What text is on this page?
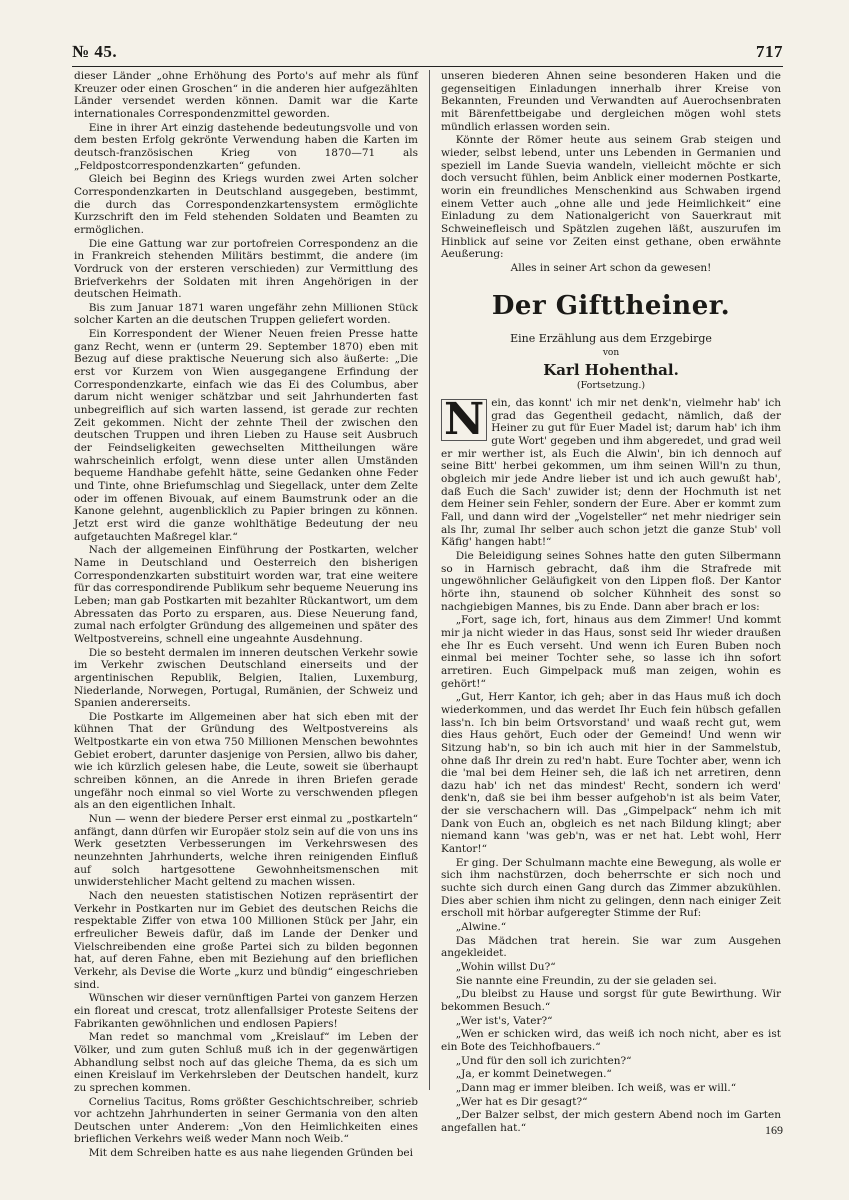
№ 45.	717

dieser Länder „ohne Erhöhung des Porto's auf mehr als fünf Kreuzer oder einen Groschen“ in die anderen hier aufgezählten Länder versendet werden können. Damit war die Karte internationales Correspondenzmittel geworden.

Eine in ihrer Art einzig dastehende bedeutungsvolle und von dem besten Erfolg gekrönte Verwendung haben die Karten im deutsch-französischen Krieg von 1870—71 als „Feldpostcorrespondenzkarten“ gefunden.

Gleich bei Beginn des Kriegs wurden zwei Arten solcher Correspondenzkarten in Deutschland ausgegeben, bestimmt, die durch das Correspondenzkartensystem ermöglichte Kurzschrift den im Feld stehenden Soldaten und Beamten zu ermöglichen.

Die eine Gattung war zur portofreien Correspondenz an die in Frankreich stehenden Militärs bestimmt, die andere (im Vordruck von der ersteren verschieden) zur Vermittlung des Briefverkehrs der Soldaten mit ihren Angehörigen in der deutschen Heimath.

Bis zum Januar 1871 waren ungefähr zehn Millionen Stück solcher Karten an die deutschen Truppen geliefert worden.

Ein Korrespondent der Wiener Neuen freien Presse hatte ganz Recht, wenn er (unterm 29. September 1870) eben mit Bezug auf diese praktische Neuerung sich also äußerte: „Die erst vor Kurzem von Wien ausgegangene Erfindung der Correspondenzkarte, einfach wie das Ei des Columbus, aber darum nicht weniger schätzbar und seit Jahrhunderten fast unbegreiflich auf sich warten lassend, ist gerade zur rechten Zeit gekommen. Nicht der zehnte Theil der zwischen den deutschen Truppen und ihren Lieben zu Hause seit Ausbruch der Feindseligkeiten gewechselten Mittheilungen wäre wahrscheinlich erfolgt, wenn diese unter allen Umständen bequeme Handhabe gefehlt hätte, seine Gedanken ohne Feder und Tinte, ohne Briefumschlag und Siegellack, unter dem Zelte oder im offenen Bivouak, auf einem Baumstrunk oder an die Kanone gelehnt, augenblicklich zu Papier bringen zu können. Jetzt erst wird die ganze wohlthätige Bedeutung der neu aufgetauchten Maßregel klar.“

Nach der allgemeinen Einführung der Postkarten, welcher Name in Deutschland und Oesterreich den bisherigen Correspondenzkarten substituirt worden war, trat eine weitere für das correspondirende Publikum sehr bequeme Neuerung ins Leben; man gab Postkarten mit bezahlter Rückantwort, um dem Abressaten das Porto zu ersparen, aus. Diese Neuerung fand, zumal nach erfolgter Gründung des allgemeinen und später des Weltpostvereins, schnell eine ungeahnte Ausdehnung.

Die so besteht dermalen im inneren deutschen Verkehr sowie im Verkehr zwischen Deutschland einerseits und der argentinischen Republik, Belgien, Italien, Luxemburg, Niederlande, Norwegen, Portugal, Rumänien, der Schweiz und Spanien andererseits.

Die Postkarte im Allgemeinen aber hat sich eben mit der kühnen That der Gründung des Weltpostvereins als Weltpostkarte ein von etwa 750 Millionen Menschen bewohntes Gebiet erobert, darunter dasjenige von Persien, allwo bis daher, wie ich kürzlich gelesen habe, die Leute, soweit sie überhaupt schreiben können, an die Anrede in ihren Briefen gerade ungefähr noch einmal so viel Worte zu verschwenden pflegen als an den eigentlichen Inhalt.

Nun — wenn der biedere Perser erst einmal zu „postkarteln“ anfängt, dann dürfen wir Europäer stolz sein auf die von uns ins Werk gesetzten Verbesserungen im Verkehrswesen des neunzehnten Jahrhunderts, welche ihren reinigenden Einfluß auf solch hartgesottene Gewohnheitsmenschen mit unwiderstehlicher Macht geltend zu machen wissen.

Nach den neuesten statistischen Notizen repräsentirt der Verkehr in Postkarten nur im Gebiet des deutschen Reichs die respektable Ziffer von etwa 100 Millionen Stück per Jahr, ein erfreulicher Beweis dafür, daß im Lande der Denker und Vielschreibenden eine große Partei sich zu bilden begonnen hat, auf deren Fahne, eben mit Beziehung auf den brieflichen Verkehr, als Devise die Worte „kurz und bündig“ eingeschrieben sind.

Wünschen wir dieser vernünftigen Partei von ganzem Herzen ein floreat und crescat, trotz allenfallsiger Proteste Seitens der Fabrikanten gewöhnlichen und endlosen Papiers!

Man redet so manchmal vom „Kreislauf“ im Leben der Völker, und zum guten Schluß muß ich in der gegenwärtigen Abhandlung selbst noch auf das gleiche Thema, da es sich um einen Kreislauf im Verkehrsleben der Deutschen handelt, kurz zu sprechen kommen.

Cornelius Tacitus, Roms größter Geschichtschreiber, schrieb vor achtzehn Jahrhunderten in seiner Germania von den alten Deutschen unter Anderem: „Von den Heimlichkeiten eines brieflichen Verkehrs weiß weder Mann noch Weib.“

Mit dem Schreiben hatte es aus nahe liegenden Gründen bei

unseren biederen Ahnen seine besonderen Haken und die gegenseitigen Einladungen innerhalb ihrer Kreise von Bekannten, Freunden und Verwandten auf Auerochsenbraten mit Bärenfettbeigabe und dergleichen mögen wohl stets mündlich erlassen worden sein.

Könnte der Römer heute aus seinem Grab steigen und wieder, selbst lebend, unter uns Lebenden in Germanien und speziell im Lande Suevia wandeln, vielleicht möchte er sich doch versucht fühlen, beim Anblick einer modernen Postkarte, worin ein freundliches Menschenkind aus Schwaben irgend einem Vetter auch „ohne alle und jede Heimlichkeit“ eine Einladung zu dem Nationalgericht von Sauerkraut mit Schweinefleisch und Spätzlen zugehen läßt, auszurufen im Hinblick auf seine vor Zeiten einst gethane, oben erwähnte Aeußerung:

Alles in seiner Art schon da gewesen!

Der Gifttheiner.
Eine Erzählung aus dem Erzgebirge
von
Karl Hohenthal.
(Fortsetzung.)

N ein, das konnt' ich mir net denk'n, vielmehr hab' ich grad das Gegentheil gedacht, nämlich, daß der Heiner zu gut für Euer Madel ist; darum hab' ich ihm gute Wort' gegeben und ihm abgeredet, und grad weil er mir werther ist, als Euch die Alwin', bin ich dennoch auf seine Bitt' herbei gekommen, um ihm seinen Will'n zu thun, obgleich mir jede Andre lieber ist und ich auch gewußt hab', daß Euch die Sach' zuwider ist; denn der Hochmuth ist net dem Heiner sein Fehler, sondern der Eure. Aber er kommt zum Fall, und dann wird der „Vogelsteller“ net mehr niedriger sein als Ihr, zumal Ihr selber auch schon jetzt die ganze Stub' voll Käfig' hangen habt!“

Die Beleidigung seines Sohnes hatte den guten Silbermann so in Harnisch gebracht, daß ihm die Strafrede mit ungewöhnlicher Geläufigkeit von den Lippen floß. Der Kantor hörte ihn, staunend ob solcher Kühnheit des sonst so nachgiebigen Mannes, bis zu Ende. Dann aber brach er los:

„Fort, sage ich, fort, hinaus aus dem Zimmer! Und kommt mir ja nicht wieder in das Haus, sonst seid Ihr wieder draußen ehe Ihr es Euch verseht. Und wenn ich Euren Buben noch einmal bei meiner Tochter sehe, so lasse ich ihn sofort arretiren. Euch Gimpelpack muß man zeigen, wohin es gehört!“

„Gut, Herr Kantor, ich geh; aber in das Haus muß ich doch wiederkommen, und das werdet Ihr Euch fein hübsch gefallen lass'n. Ich bin beim Ortsvorstand' und waaß recht gut, wem dies Haus gehört, Euch oder der Gemeind! Und wenn wir Sitzung hab'n, so bin ich auch mit hier in der Sammelstub, ohne daß Ihr drein zu red'n habt. Eure Tochter aber, wenn ich die 'mal bei dem Heiner seh, die laß ich net arretiren, denn dazu hab' ich net das mindest' Recht, sondern ich werd' denk'n, daß sie bei ihm besser aufgehob'n ist als beim Vater, der sie verschachern will. Das „Gimpelpack“ nehm ich mit Dank von Euch an, obgleich es net nach Bildung klingt; aber niemand kann 'was geb'n, was er net hat. Lebt wohl, Herr Kantor!“

Er ging. Der Schulmann machte eine Bewegung, als wolle er sich ihm nachstürzen, doch beherrschte er sich noch und suchte sich durch einen Gang durch das Zimmer abzukühlen. Dies aber schien ihm nicht zu gelingen, denn nach einiger Zeit erscholl mit hörbar aufgeregter Stimme der Ruf:

„Alwine.“

Das Mädchen trat herein. Sie war zum Ausgehen angekleidet.

„Wohin willst Du?“

Sie nannte eine Freundin, zu der sie geladen sei.

„Du bleibst zu Hause und sorgst für gute Bewirthung. Wir bekommen Besuch.“

„Wer ist's, Vater?“

„Wen er schicken wird, das weiß ich noch nicht, aber es ist ein Bote des Teichhofbauers.“

„Und für den soll ich zurichten?“

„Ja, er kommt Deinetwegen.“

„Dann mag er immer bleiben. Ich weiß, was er will.“

„Wer hat es Dir gesagt?“

„Der Balzer selbst, der mich gestern Abend noch im Garten angefallen hat.“	169
